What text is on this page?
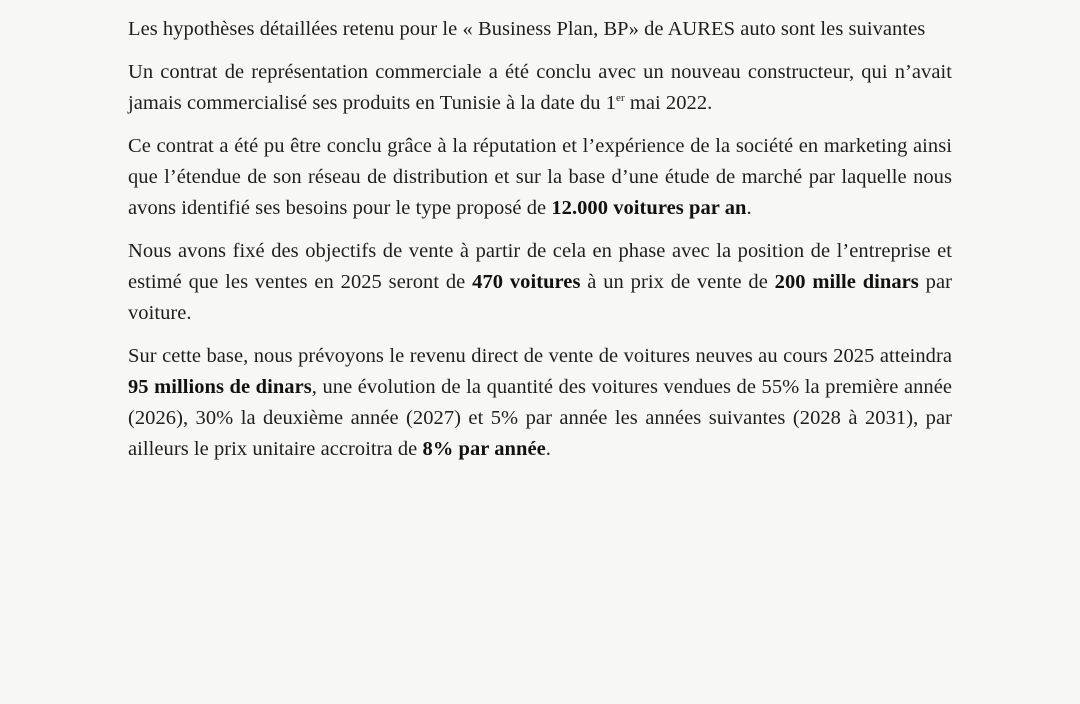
Les hypothèses détaillées retenu pour le « Business Plan, BP» de AURES auto sont les suivantes

Un contrat de représentation commerciale a été conclu avec un nouveau constructeur, qui n’avait jamais commercialisé ses produits en Tunisie à la date du 1er mai 2022.

Ce contrat a été pu être conclu grâce à la réputation et l’expérience de la société en marketing ainsi que l’étendue de son réseau de distribution et sur la base d’une étude de marché par laquelle nous avons identifié ses besoins pour le type proposé de 12.000 voitures par an.

Nous avons fixé des objectifs de vente à partir de cela en phase avec la position de l’entreprise et estimé que les ventes en 2025 seront de 470 voitures à un prix de vente de 200 mille dinars par voiture.

Sur cette base, nous prévoyons le revenu direct de vente de voitures neuves au cours 2025 atteindra 95 millions de dinars, une évolution de la quantité des voitures vendues de 55% la première année (2026), 30% la deuxième année (2027) et 5% par année les années suivantes (2028 à 2031), par ailleurs le prix unitaire accroitra de 8% par année.
